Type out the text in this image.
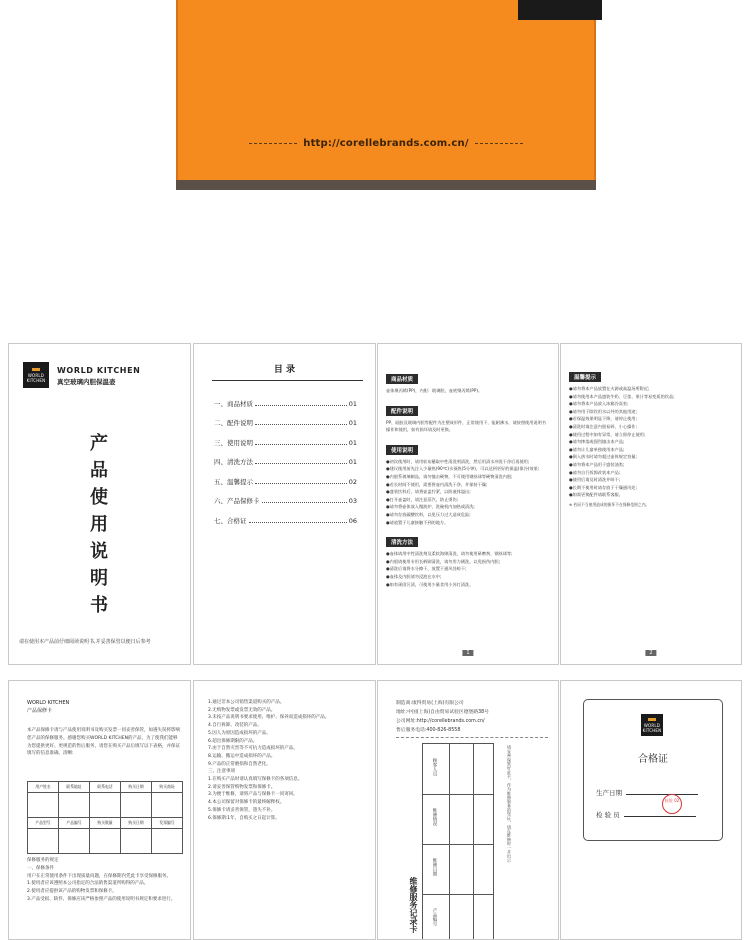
http://corellebrands.com.cn/
WORLD
KITCHEN
WORLD KITCHEN
真空玻璃内胆保温壶
产
品
使
用
说
明
书
请在使用本产品前仔细阅读说明书,并妥善保管以便日后参考
目 录
一、商品材质	01
二、配件说明	01
三、使用说明	01
四、清洗方法	01
五、温馨提示	02
六、产品保修卡	03
七、合格证	06
商品材质

壶体聚丙烯(PP)，内胆：玻璃胆，壶底聚丙烯(PP)。

配件说明

PP、硅胶及玻璃内胆等配件为注塑成形件，正常使用下，能耐沸水，请按照使用说明书操作和使用，如有损坏请及时更换。

使用说明

●初次使用时，请用软布蘸取中性清洗剂清洗，然后用清水冲洗干净后再使用;

●建议使用前先注入少量热(90℃)水预热(5分钟)，可以达到更好的保温(保冷)效果;

●内胆系玻璃制品，请勿撞击硬物，不可使用钢丝球等硬物清洗内胆;

●若长时间不使用，需要将壶内清洗干净，并保持干燥;

●盛装饮料后，请将壶盖拧紧，以防液体溢出;

●打开壶盖时，请注意蒸汽，防止烫伤;

●请勿将壶体放入微波炉、洗碗机内加热或清洗;

●请勿存放碳酸饮料，以免压力过大造成危险;

●请放置于儿童接触不到的地方。

清洗方法

●壶体请用中性清洗剂及柔软海绵清洗，请勿使用研磨剂、钢丝球等;

●内胆请使用专用长柄刷清洗，请勿用力刷洗，以免损伤内胆;

●清洗后请将水分擦干，放置于通风处晾干;

●壶体及内胆请勿浸泡在水中;

●如有顽固污渍，可使用少量食用小苏打清洗。

1
温馨提示
●请勿将本产品放置在火源或高温场所附近;
●请勿使用本产品盛装牛奶、豆浆、果汁等易变质的饮品;
●请勿将本产品放入冰箱冷冻室;
●请勿用于除饮用水以外的其他用途;
●若保温效果明显下降，请停止使用;
●清洗时请注意内胆易碎，小心操作;
●使用过程中如有异常，请立即停止使用;
●请勿摔落或强烈撞击本产品;
●请勿让儿童单独使用本产品;
●倒入热水时请勿超过壶体规定容量;
●请勿将本产品用于盛装油类;
●请勿自行拆卸改装本产品;
●使用后请及时清洗并晾干;
●长期不使用时请存放于干燥通风处;
●如需更换配件请联系客服。
※ 若因不当使用造成的损坏不在保修范围之内。
2
WORLD KITCHEN
产品保修卡
本产品保修卡请与产品使用说明书及购买发票一同妥善保管，如遇失误将影响您产品的保修服务。感谢您购买WORLD KITCHEN的产品，为了使我们能够为您提供更好、更规范的售后服务，请您在购买产品后填写以下表格，并保证填写的信息准确、清晰:
用户姓名	联系地址	联系电话	购买日期	购买商场

产品型号	产品编号	购买数量	购买日期	发票编号

保修服务的规定
一、保修条件
用户在正常使用条件下出现质量问题，在保修期内凭此卡享受保修服务。
1.使用者应该遵照本公司指定的合法销售渠道所购得的产品。
2.使用者应提供该产品的购物发票和保修卡。
3.产品受损、缺件、保修应该严格参照产品的使用说明书规定和要求进行。
1.通过非本公司销售渠道购买的产品。
2.无购物发票或发票无效的产品。
3.未按产品说明书要求使用、维护、保养而造成损坏的产品。
4.自行拆卸、改装的产品。
5.因人为原因造成损坏的产品。
6.超出保修期限的产品。
7.由于自然灾害等不可抗力造成损坏的产品。
8.运输、搬运中造成损坏的产品。
9.产品的正常磨损和自然老化。
三、注意事项
1.在购买产品时请认真填写保修卡的各项信息。
2.请妥善保管购物发票和保修卡。
3.为便于维修，请将产品与保修卡一同寄回。
4.本公司保留对保修卡的最终解释权。
5.保修卡请妥善保管，遗失不补。
6.保修期:1年，自购买之日起计算。
制造商:康得贸易(上海)有限公司
地址:中国(上海)自由贸易试验区德堡路38号
公司网址:http://corellebrands.com.cn/
售后服务电话:400-826-8558
顾客人员
维修情况
维修日期
产品编号
维修服务记录卡
请妥善保管好此卡，作为维修服务的凭证，请在维修时一并出示
WORLD
KITCHEN
合格证
生产日期
检 验 员
检验 02
